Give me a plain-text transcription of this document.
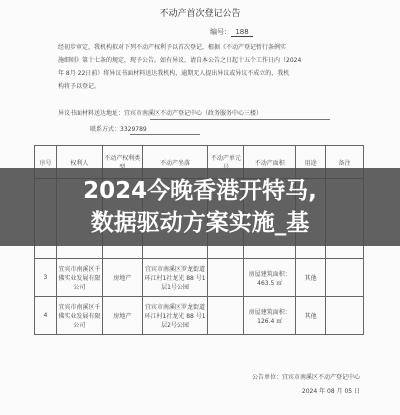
不动产首次登记公告
编号： 188
经初步审定，我机构拟对下列不动产权利予以首次登记，根据《不动产登记暂行条例实
施细则》第十七条的规定，现予公告。如有异议，请自本公告之日起十五个工作日内（2024
年 8月 22日前）将异议书面材料送达我机构，逾期无人提出异议或异议不成立的，我机
构将予以登记。
异议书面材料送达地址：宜宾市南溪区不动产登记中心（政务服务中心三楼）
联系方式：3329789
序号	权利人	不动产权利类	不动产坐落	不动产单元	不动产面积	用途	备注

3	宜宾市南溪区千佛实业发展有限公司	房地产	宜宾市南溪区罗龙街道环江村1社龙光 88 号1层1号公园		房屋建筑面积：463.5 ㎡	其他	
4	宜宾市南溪区千佛实业发展有限公司	房地产	宜宾市南溪区罗龙街道环江村1社龙光 88 号1层2号公园		房屋建筑面积：126.4 ㎡	其他	
公告单位：宜宾市南溪区不动产登记中心
2024 年 08 月 05 日
2024今晚香港开特马,
数据驱动方案实施_基
